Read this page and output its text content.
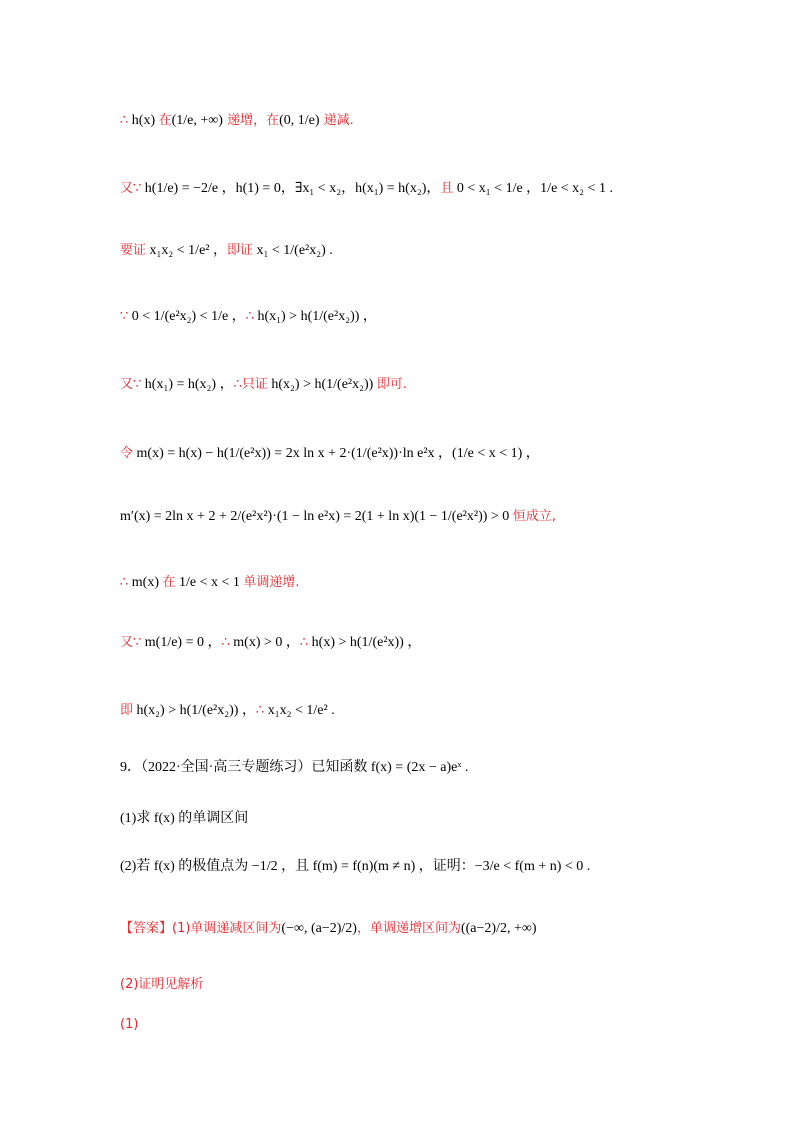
∴ h(x) 在(1/e, +∞) 递增，在(0, 1/e) 递减.
又∵ h(1/e) = −2/e ，h(1) = 0，∃x₁ < x₂，h(x₁) = h(x₂)，且 0 < x₁ < 1/e ，1/e < x₂ < 1 .
要证 x₁x₂ < 1/e² ，即证 x₁ < 1/(e²x₂) .
∵ 0 < 1/(e²x₂) < 1/e ，∴ h(x₁) > h(1/(e²x₂)) ，
又∵ h(x₁) = h(x₂) ，∴只证 h(x₂) > h(1/(e²x₂)) 即可.
令 m(x) = h(x) − h(1/(e²x)) = 2x ln x + 2·(1/(e²x))·ln e²x ，(1/e < x < 1) ，
m′(x) = 2ln x + 2 + 2/(e²x²)·(1 − ln e²x) = 2(1 + ln x)(1 − 1/(e²x²)) > 0 恒成立,
∴ m(x) 在 1/e < x < 1 单调递增.
又∵ m(1/e) = 0 ，∴ m(x) > 0 ，∴ h(x) > h(1/(e²x)) ，
即 h(x₂) > h(1/(e²x₂)) ，∴ x₁x₂ < 1/e² .
9．（2022·全国·高三专题练习）已知函数 f(x) = (2x − a)eˣ .
(1)求 f(x) 的单调区间
(2)若 f(x) 的极值点为 −1/2 ，且 f(m) = f(n)(m ≠ n) ，证明：−3/e < f(m + n) < 0 .
【答案】(1)单调递减区间为(−∞, (a−2)/2)，单调递增区间为((a−2)/2, +∞)
(2)证明见解析
(1)
